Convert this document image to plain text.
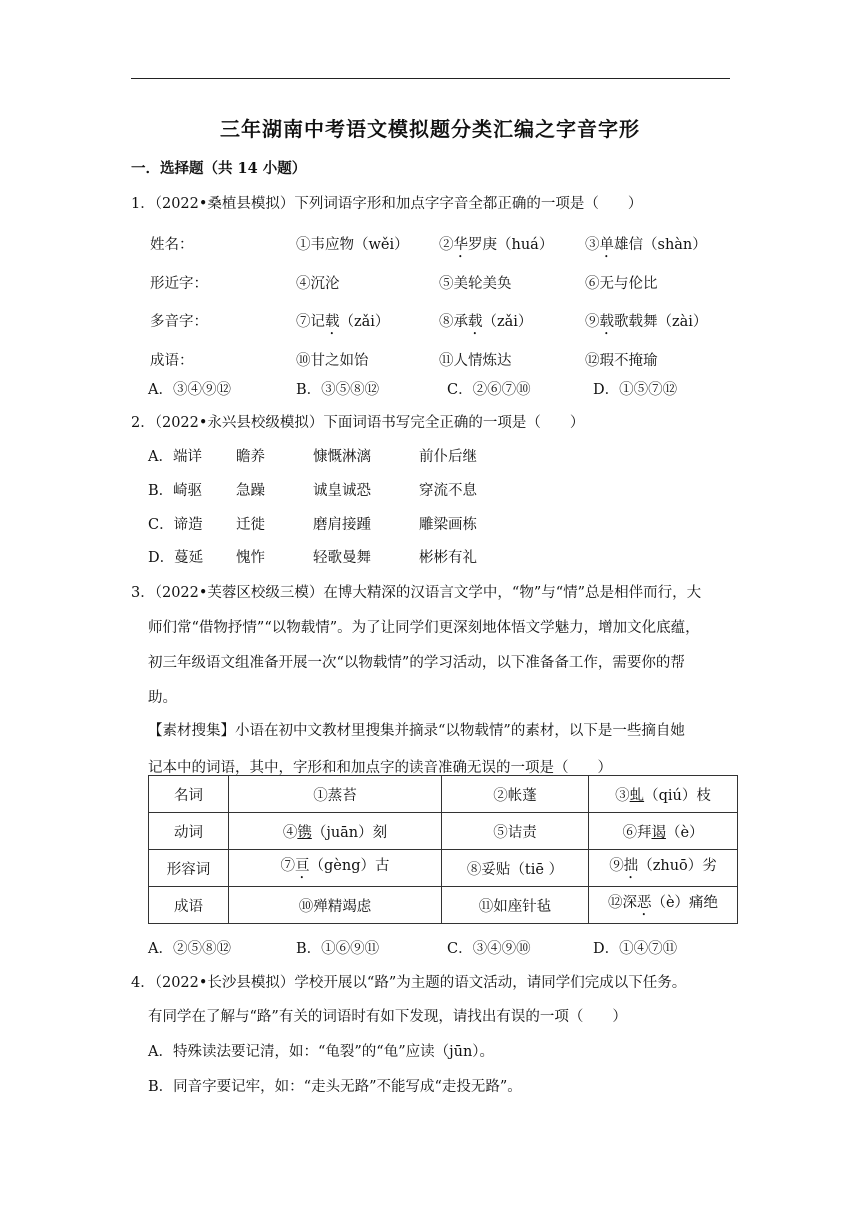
三年湖南中考语文模拟题分类汇编之字音字形
一．选择题（共 14 小题）
1．（2022•桑植县模拟）下列词语字形和加点字字音全都正确的一项是（　　）
姓名：	①韦应物（wěi） ②华罗庚（huá） ③单雄信（shàn）
形近字：	④沉沦	⑤美轮美奂	⑥无与伦比
多音字：	⑦记载（zǎi）	⑧承载（zǎi）	⑨载歌载舞（zài）
成语：	⑩甘之如饴	⑪人情炼达	⑫瑕不掩瑜
A．③④⑨⑫	B．③⑤⑧⑫	C．②⑥⑦⑩	D．①⑤⑦⑫
2．（2022•永兴县校级模拟）下面词语书写完全正确的一项是（　　）
A．端详 瞻养	慷慨淋漓	前仆后继
B．崎驱 急躁	诚皇诚恐	穿流不息
C．谛造 迁徙	磨肩接踵	雕梁画栋
D．蔓延 愧怍	轻歌曼舞	彬彬有礼
3．（2022•芙蓉区校级三模）在博大精深的汉语言文学中，“物”与“情”总是相伴而行，大
师们常“借物抒情”“以物载情”。为了让同学们更深刻地体悟文学魅力，增加文化底蕴，
初三年级语文组准备开展一次“以物载情”的学习活动，以下准备备工作，需要你的帮
助。
【素材搜集】小语在初中文教材里搜集并摘录“以物载情”的素材，以下是一些摘自她
记本中的词语，其中，字形和和加点字的读音准确无误的一项是（　　）
名词	①蒸苔	②帐蓬	③虬（qiú）枝
动词	④镌（juān）刻	⑤诘责	⑥拜谒（è）
形容词	⑦亘（gèng）古	⑧妥贴（tiē ）	⑨拙（zhuō）劣
成语	⑩殚精竭虑	⑪如座针毡	⑫深恶（è）痛绝
A．②⑤⑧⑫	B．①⑥⑨⑪	C．③④⑨⑩	D．①④⑦⑪
4．（2022•长沙县模拟）学校开展以“路”为主题的语文活动，请同学们完成以下任务。
有同学在了解与“路”有关的词语时有如下发现，请找出有误的一项（　　）
A．特殊读法要记清，如：“龟裂”的“龟”应读（jūn）。
B．同音字要记牢，如：“走头无路”不能写成“走投无路”。
